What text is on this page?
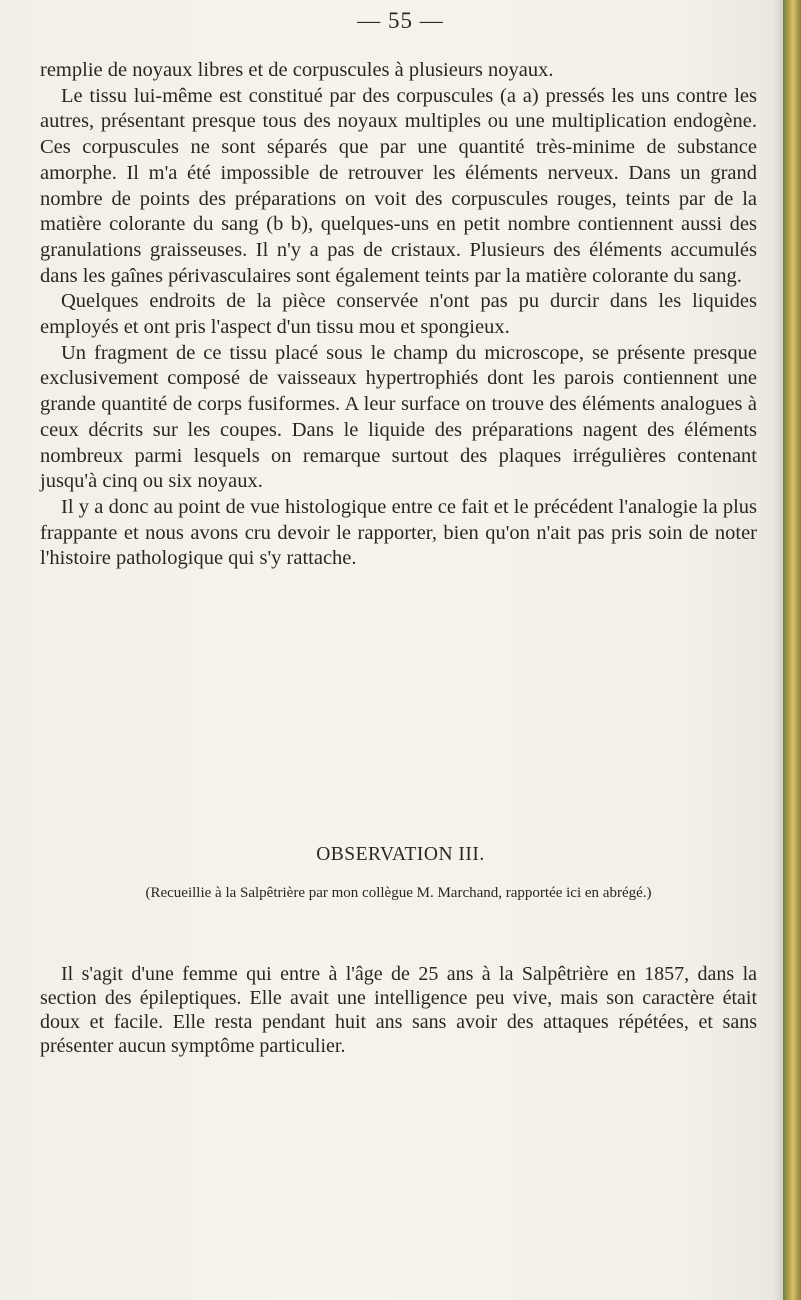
— 55 —

remplie de noyaux libres et de corpuscules à plusieurs noyaux.

Le tissu lui-même est constitué par des corpuscules (a a) pressés les uns contre les autres, présentant presque tous des noyaux multiples ou une multiplication endogène. Ces corpuscules ne sont séparés que par une quantité très-minime de substance amorphe. Il m'a été impossible de retrouver les éléments nerveux. Dans un grand nombre de points des préparations on voit des corpuscules rouges, teints par de la matière colorante du sang (b b), quelques-uns en petit nombre contiennent aussi des granulations graisseuses. Il n'y a pas de cristaux. Plusieurs des éléments accumulés dans les gaînes périvasculaires sont également teints par la matière colorante du sang.

Quelques endroits de la pièce conservée n'ont pas pu durcir dans les liquides employés et ont pris l'aspect d'un tissu mou et spongieux.

Un fragment de ce tissu placé sous le champ du microscope, se présente presque exclusivement composé de vaisseaux hypertrophiés dont les parois contiennent une grande quantité de corps fusiformes. A leur surface on trouve des éléments analogues à ceux décrits sur les coupes. Dans le liquide des préparations nagent des éléments nombreux parmi lesquels on remarque surtout des plaques irrégulières contenant jusqu'à cinq ou six noyaux.

Il y a donc au point de vue histologique entre ce fait et le précédent l'analogie la plus frappante et nous avons cru devoir le rapporter, bien qu'on n'ait pas pris soin de noter l'histoire pathologique qui s'y rattache.

OBSERVATION III.
(Recueillie à la Salpêtrière par mon collègue M. Marchand, rapportée ici en abrégé.)

Il s'agit d'une femme qui entre à l'âge de 25 ans à la Salpêtrière en 1857, dans la section des épileptiques. Elle avait une intelligence peu vive, mais son caractère était doux et facile. Elle resta pendant huit ans sans avoir des attaques répétées, et sans présenter aucun symptôme particulier.
